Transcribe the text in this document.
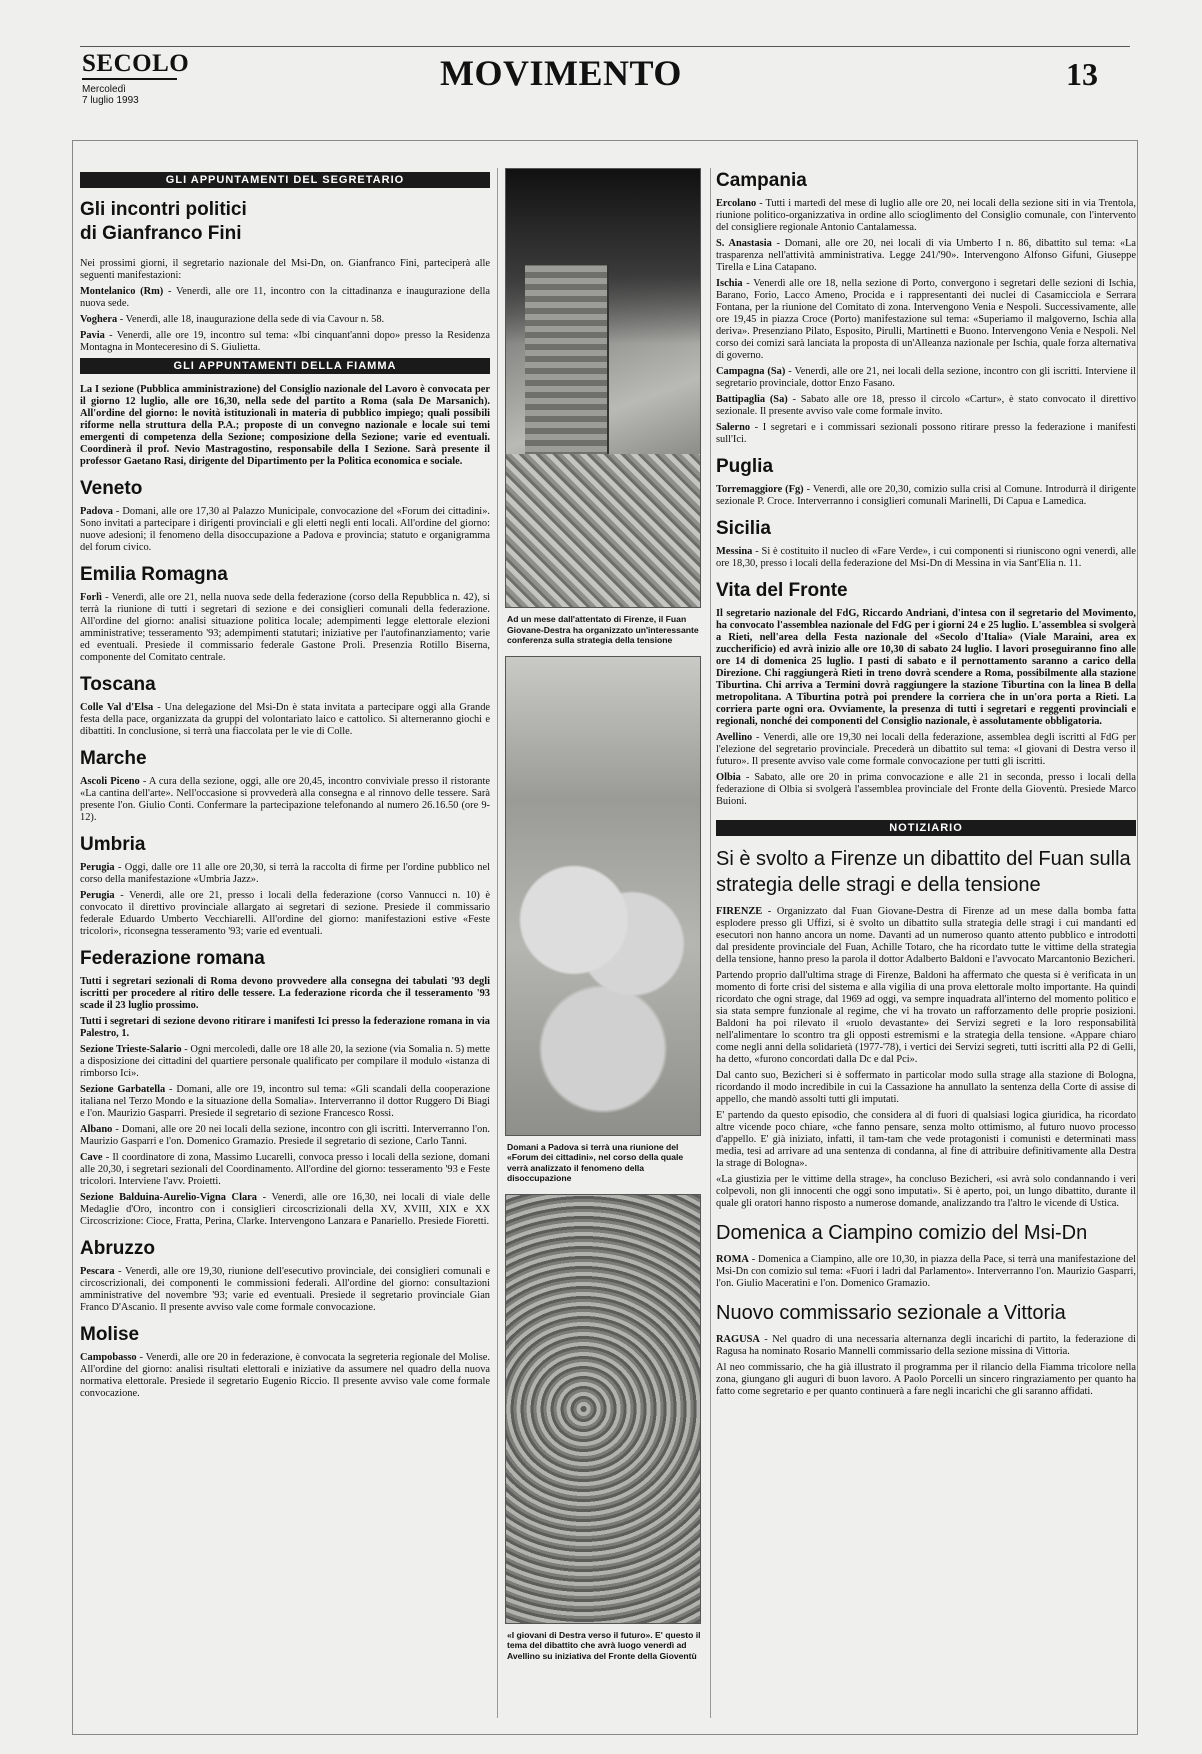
SECOLO
Mercoledì
7 luglio 1993
MOVIMENTO	13
GLI APPUNTAMENTI DEL SEGRETARIO
Gli incontri politici
di Gianfranco Fini

Nei prossimi giorni, il segretario nazionale del Msi-Dn, on. Gianfranco Fini, parteciperà alle seguenti manifestazioni:

Montelanico (Rm) - Venerdì, alle ore 11, incontro con la cittadinanza e inaugurazione della nuova sede.

Voghera - Venerdì, alle 18, inaugurazione della sede di via Cavour n. 58.

Pavia - Venerdì, alle ore 19, incontro sul tema: «Ibi cinquant'anni dopo» presso la Residenza Montagna in Monteceresino di S. Giulietta.

GLI APPUNTAMENTI DELLA FIAMMA

La I sezione (Pubblica amministrazione) del Consiglio nazionale del Lavoro è convocata per il giorno 12 luglio, alle ore 16,30, nella sede del partito a Roma (sala De Marsanich). All'ordine del giorno: le novità istituzionali in materia di pubblico impiego; quali possibili riforme nella struttura della P.A.; proposte di un convegno nazionale e locale sui temi emergenti di competenza della Sezione; composizione della Sezione; varie ed eventuali. Coordinerà il prof. Nevio Mastragostino, responsabile della I Sezione. Sarà presente il professor Gaetano Rasi, dirigente del Dipartimento per la Politica economica e sociale.

Veneto

Padova - Domani, alle ore 17,30 al Palazzo Municipale, convocazione del «Forum dei cittadini». Sono invitati a partecipare i dirigenti provinciali e gli eletti negli enti locali. All'ordine del giorno: nuove adesioni; il fenomeno della disoccupazione a Padova e provincia; statuto e organigramma del forum civico.

Emilia Romagna

Forlì - Venerdì, alle ore 21, nella nuova sede della federazione (corso della Repubblica n. 42), si terrà la riunione di tutti i segretari di sezione e dei consiglieri comunali della federazione. All'ordine del giorno: analisi situazione politica locale; adempimenti legge elettorale elezioni amministrative; tesseramento '93; adempimenti statutari; iniziative per l'autofinanziamento; varie ed eventuali. Presiede il commissario federale Gastone Proli. Presenzia Rotillo Biserna, componente del Comitato centrale.

Toscana

Colle Val d'Elsa - Una delegazione del Msi-Dn è stata invitata a partecipare oggi alla Grande festa della pace, organizzata da gruppi del volontariato laico e cattolico. Si alterneranno giochi e dibattiti. In conclusione, si terrà una fiaccolata per le vie di Colle.

Marche

Ascoli Piceno - A cura della sezione, oggi, alle ore 20,45, incontro conviviale presso il ristorante «La cantina dell'arte». Nell'occasione si provvederà alla consegna e al rinnovo delle tessere. Sarà presente l'on. Giulio Conti. Confermare la partecipazione telefonando al numero 26.16.50 (ore 9-12).

Umbria

Perugia - Oggi, dalle ore 11 alle ore 20,30, si terrà la raccolta di firme per l'ordine pubblico nel corso della manifestazione «Umbria Jazz».

Perugia - Venerdì, alle ore 21, presso i locali della federazione (corso Vannucci n. 10) è convocato il direttivo provinciale allargato ai segretari di sezione. Presiede il commissario federale Eduardo Umberto Vecchiarelli. All'ordine del giorno: manifestazioni estive «Feste tricolori», riconsegna tesseramento '93; varie ed eventuali.

Federazione romana

Tutti i segretari sezionali di Roma devono provvedere alla consegna dei tabulati '93 degli iscritti per procedere al ritiro delle tessere. La federazione ricorda che il tesseramento '93 scade il 23 luglio prossimo.

Tutti i segretari di sezione devono ritirare i manifesti Ici presso la federazione romana in via Palestro, 1.

Sezione Trieste-Salario - Ogni mercoledì, dalle ore 18 alle 20, la sezione (via Somalia n. 5) mette a disposizione dei cittadini del quartiere personale qualificato per compilare il modulo «istanza di rimborso Ici».

Sezione Garbatella - Domani, alle ore 19, incontro sul tema: «Gli scandali della cooperazione italiana nel Terzo Mondo e la situazione della Somalia». Interverranno il dottor Ruggero Di Biagi e l'on. Maurizio Gasparri. Presiede il segretario di sezione Francesco Rossi.

Albano - Domani, alle ore 20 nei locali della sezione, incontro con gli iscritti. Interverranno l'on. Maurizio Gasparri e l'on. Domenico Gramazio. Presiede il segretario di sezione, Carlo Tanni.

Cave - Il coordinatore di zona, Massimo Lucarelli, convoca presso i locali della sezione, domani alle 20,30, i segretari sezionali del Coordinamento. All'ordine del giorno: tesseramento '93 e Feste tricolori. Interviene l'avv. Proietti.

Sezione Balduina-Aurelio-Vigna Clara - Venerdì, alle ore 16,30, nei locali di viale delle Medaglie d'Oro, incontro con i consiglieri circoscrizionali della XV, XVIII, XIX e XX Circoscrizione: Cioce, Fratta, Perina, Clarke. Intervengono Lanzara e Panariello. Presiede Fioretti.

Abruzzo

Pescara - Venerdì, alle ore 19,30, riunione dell'esecutivo provinciale, dei consiglieri comunali e circoscrizionali, dei componenti le commissioni federali. All'ordine del giorno: consultazioni amministrative del novembre '93; varie ed eventuali. Presiede il segretario provinciale Gian Franco D'Ascanio. Il presente avviso vale come formale convocazione.

Molise

Campobasso - Venerdì, alle ore 20 in federazione, è convocata la segreteria regionale del Molise. All'ordine del giorno: analisi risultati elettorali e iniziative da assumere nel quadro della nuova normativa elettorale. Presiede il segretario Eugenio Riccio. Il presente avviso vale come formale convocazione.

Ad un mese dall'attentato di Firenze, il Fuan Giovane-Destra ha organizzato un'interessante conferenza sulla strategia della tensione
Domani a Padova si terrà una riunione del «Forum dei cittadini», nel corso della quale verrà analizzato il fenomeno della disoccupazione
«I giovani di Destra verso il futuro». E' questo il tema del dibattito che avrà luogo venerdì ad Avellino su iniziativa del Fronte della Gioventù
Campania

Ercolano - Tutti i martedì del mese di luglio alle ore 20, nei locali della sezione siti in via Trentola, riunione politico-organizzativa in ordine allo scioglimento del Consiglio comunale, con l'intervento del consigliere regionale Antonio Cantalamessa.

S. Anastasia - Domani, alle ore 20, nei locali di via Umberto I n. 86, dibattito sul tema: «La trasparenza nell'attività amministrativa. Legge 241/'90». Intervengono Alfonso Gifuni, Giuseppe Tirella e Lina Catapano.

Ischia - Venerdì alle ore 18, nella sezione di Porto, convergono i segretari delle sezioni di Ischia, Barano, Forio, Lacco Ameno, Procida e i rappresentanti dei nuclei di Casamicciola e Serrara Fontana, per la riunione del Comitato di zona. Intervengono Venia e Nespoli. Successivamente, alle ore 19,45 in piazza Croce (Porto) manifestazione sul tema: «Superiamo il malgoverno, Ischia alla deriva». Presenziano Pilato, Esposito, Pirulli, Martinetti e Buono. Intervengono Venia e Nespoli. Nel corso dei comizi sarà lanciata la proposta di un'Alleanza nazionale per Ischia, quale forza alternativa di governo.

Campagna (Sa) - Venerdì, alle ore 21, nei locali della sezione, incontro con gli iscritti. Interviene il segretario provinciale, dottor Enzo Fasano.

Battipaglia (Sa) - Sabato alle ore 18, presso il circolo «Cartur», è stato convocato il direttivo sezionale. Il presente avviso vale come formale invito.

Salerno - I segretari e i commissari sezionali possono ritirare presso la federazione i manifesti sull'Ici.

Puglia

Torremaggiore (Fg) - Venerdì, alle ore 20,30, comizio sulla crisi al Comune. Introdurrà il dirigente sezionale P. Croce. Interverranno i consiglieri comunali Marinelli, Di Capua e Lamedica.

Sicilia

Messina - Si è costituito il nucleo di «Fare Verde», i cui componenti si riuniscono ogni venerdì, alle ore 18,30, presso i locali della federazione del Msi-Dn di Messina in via Sant'Elia n. 11.

Vita del Fronte

Il segretario nazionale del FdG, Riccardo Andriani, d'intesa con il segretario del Movimento, ha convocato l'assemblea nazionale del FdG per i giorni 24 e 25 luglio. L'assemblea si svolgerà a Rieti, nell'area della Festa nazionale del «Secolo d'Italia» (Viale Maraini, area ex zuccherificio) ed avrà inizio alle ore 10,30 di sabato 24 luglio. I lavori proseguiranno fino alle ore 14 di domenica 25 luglio. I pasti di sabato e il pernottamento saranno a carico della Direzione. Chi raggiungerà Rieti in treno dovrà scendere a Roma, possibilmente alla stazione Tiburtina. Chi arriva a Termini dovrà raggiungere la stazione Tiburtina con la linea B della metropolitana. A Tiburtina potrà poi prendere la corriera che in un'ora porta a Rieti. La corriera parte ogni ora. Ovviamente, la presenza di tutti i segretari e reggenti provinciali e regionali, nonché dei componenti del Consiglio nazionale, è assolutamente obbligatoria.

Avellino - Venerdì, alle ore 19,30 nei locali della federazione, assemblea degli iscritti al FdG per l'elezione del segretario provinciale. Precederà un dibattito sul tema: «I giovani di Destra verso il futuro». Il presente avviso vale come formale convocazione per tutti gli iscritti.

Olbia - Sabato, alle ore 20 in prima convocazione e alle 21 in seconda, presso i locali della federazione di Olbia si svolgerà l'assemblea provinciale del Fronte della Gioventù. Presiede Marco Buioni.

NOTIZIARIO
Si è svolto a Firenze un dibattito del Fuan sulla strategia delle stragi e della tensione

FIRENZE - Organizzato dal Fuan Giovane-Destra di Firenze ad un mese dalla bomba fatta esplodere presso gli Uffizi, si è svolto un dibattito sulla strategia delle stragi i cui mandanti ed esecutori non hanno ancora un nome. Davanti ad un numeroso quanto attento pubblico e introdotti dal presidente provinciale del Fuan, Achille Totaro, che ha ricordato tutte le vittime della strategia della tensione, hanno preso la parola il dottor Adalberto Baldoni e l'avvocato Marcantonio Bezicheri.

Partendo proprio dall'ultima strage di Firenze, Baldoni ha affermato che questa si è verificata in un momento di forte crisi del sistema e alla vigilia di una prova elettorale molto importante. Ha quindi ricordato che ogni strage, dal 1969 ad oggi, va sempre inquadrata all'interno del momento politico e sia stata sempre funzionale al regime, che vi ha trovato un rafforzamento delle proprie posizioni. Baldoni ha poi rilevato il «ruolo devastante» dei Servizi segreti e la loro responsabilità nell'alimentare lo scontro tra gli opposti estremismi e la strategia della tensione. «Appare chiaro come negli anni della solidarietà (1977-'78), i vertici dei Servizi segreti, tutti iscritti alla P2 di Gelli, ha detto, «furono concordati dalla Dc e dal Pci».

Dal canto suo, Bezicheri si è soffermato in particolar modo sulla strage alla stazione di Bologna, ricordando il modo incredibile in cui la Cassazione ha annullato la sentenza della Corte di assise di appello, che mandò assolti tutti gli imputati.

E' partendo da questo episodio, che considera al di fuori di qualsiasi logica giuridica, ha ricordato altre vicende poco chiare, «che fanno pensare, senza molto ottimismo, al futuro nuovo processo d'appello. E' già iniziato, infatti, il tam-tam che vede protagonisti i comunisti e determinati mass media, tesi ad arrivare ad una sentenza di condanna, al fine di attribuire definitivamente alla Destra la strage di Bologna».

«La giustizia per le vittime della strage», ha concluso Bezicheri, «si avrà solo condannando i veri colpevoli, non gli innocenti che oggi sono imputati». Si è aperto, poi, un lungo dibattito, durante il quale gli oratori hanno risposto a numerose domande, analizzando tra l'altro le vicende di Ustica.

Domenica a Ciampino comizio del Msi-Dn

ROMA - Domenica a Ciampino, alle ore 10,30, in piazza della Pace, si terrà una manifestazione del Msi-Dn con comizio sul tema: «Fuori i ladri dal Parlamento». Interverranno l'on. Maurizio Gasparri, l'on. Giulio Maceratini e l'on. Domenico Gramazio.

Nuovo commissario sezionale a Vittoria

RAGUSA - Nel quadro di una necessaria alternanza degli incarichi di partito, la federazione di Ragusa ha nominato Rosario Mannelli commissario della sezione missina di Vittoria.

Al neo commissario, che ha già illustrato il programma per il rilancio della Fiamma tricolore nella zona, giungano gli auguri di buon lavoro. A Paolo Porcelli un sincero ringraziamento per quanto ha fatto come segretario e per quanto continuerà a fare negli incarichi che gli saranno affidati.
